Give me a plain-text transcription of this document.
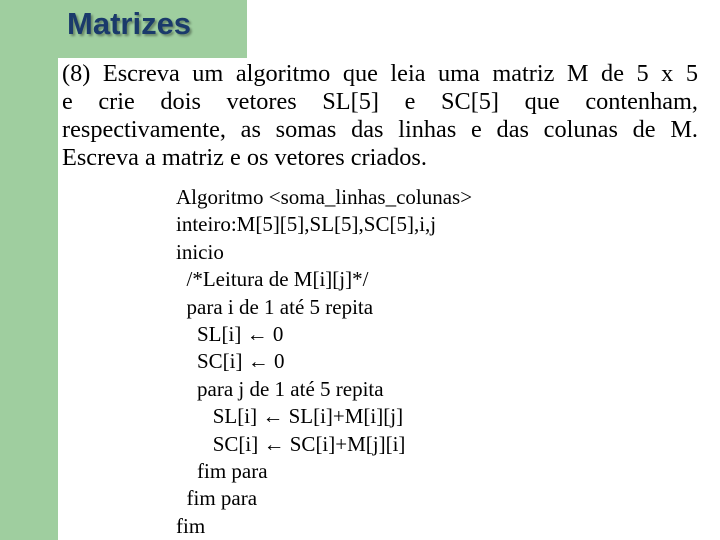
Matrizes
(8) Escreva um algoritmo que leia uma matriz M de 5 x 5
e crie dois vetores SL[5] e SC[5] que contenham,
respectivamente, as somas das linhas e das colunas de M.
Escreva a matriz e os vetores criados.
Algoritmo <soma_linhas_colunas>
inteiro:M[5][5],SL[5],SC[5],i,j
inicio
/*Leitura de M[i][j]*/
para i de 1 até 5 repita
SL[i] ← 0
SC[i] ← 0
para j de 1 até 5 repita
SL[i] ← SL[i]+M[i][j]
SC[i] ← SC[i]+M[j][i]
fim para
fim para
fim
